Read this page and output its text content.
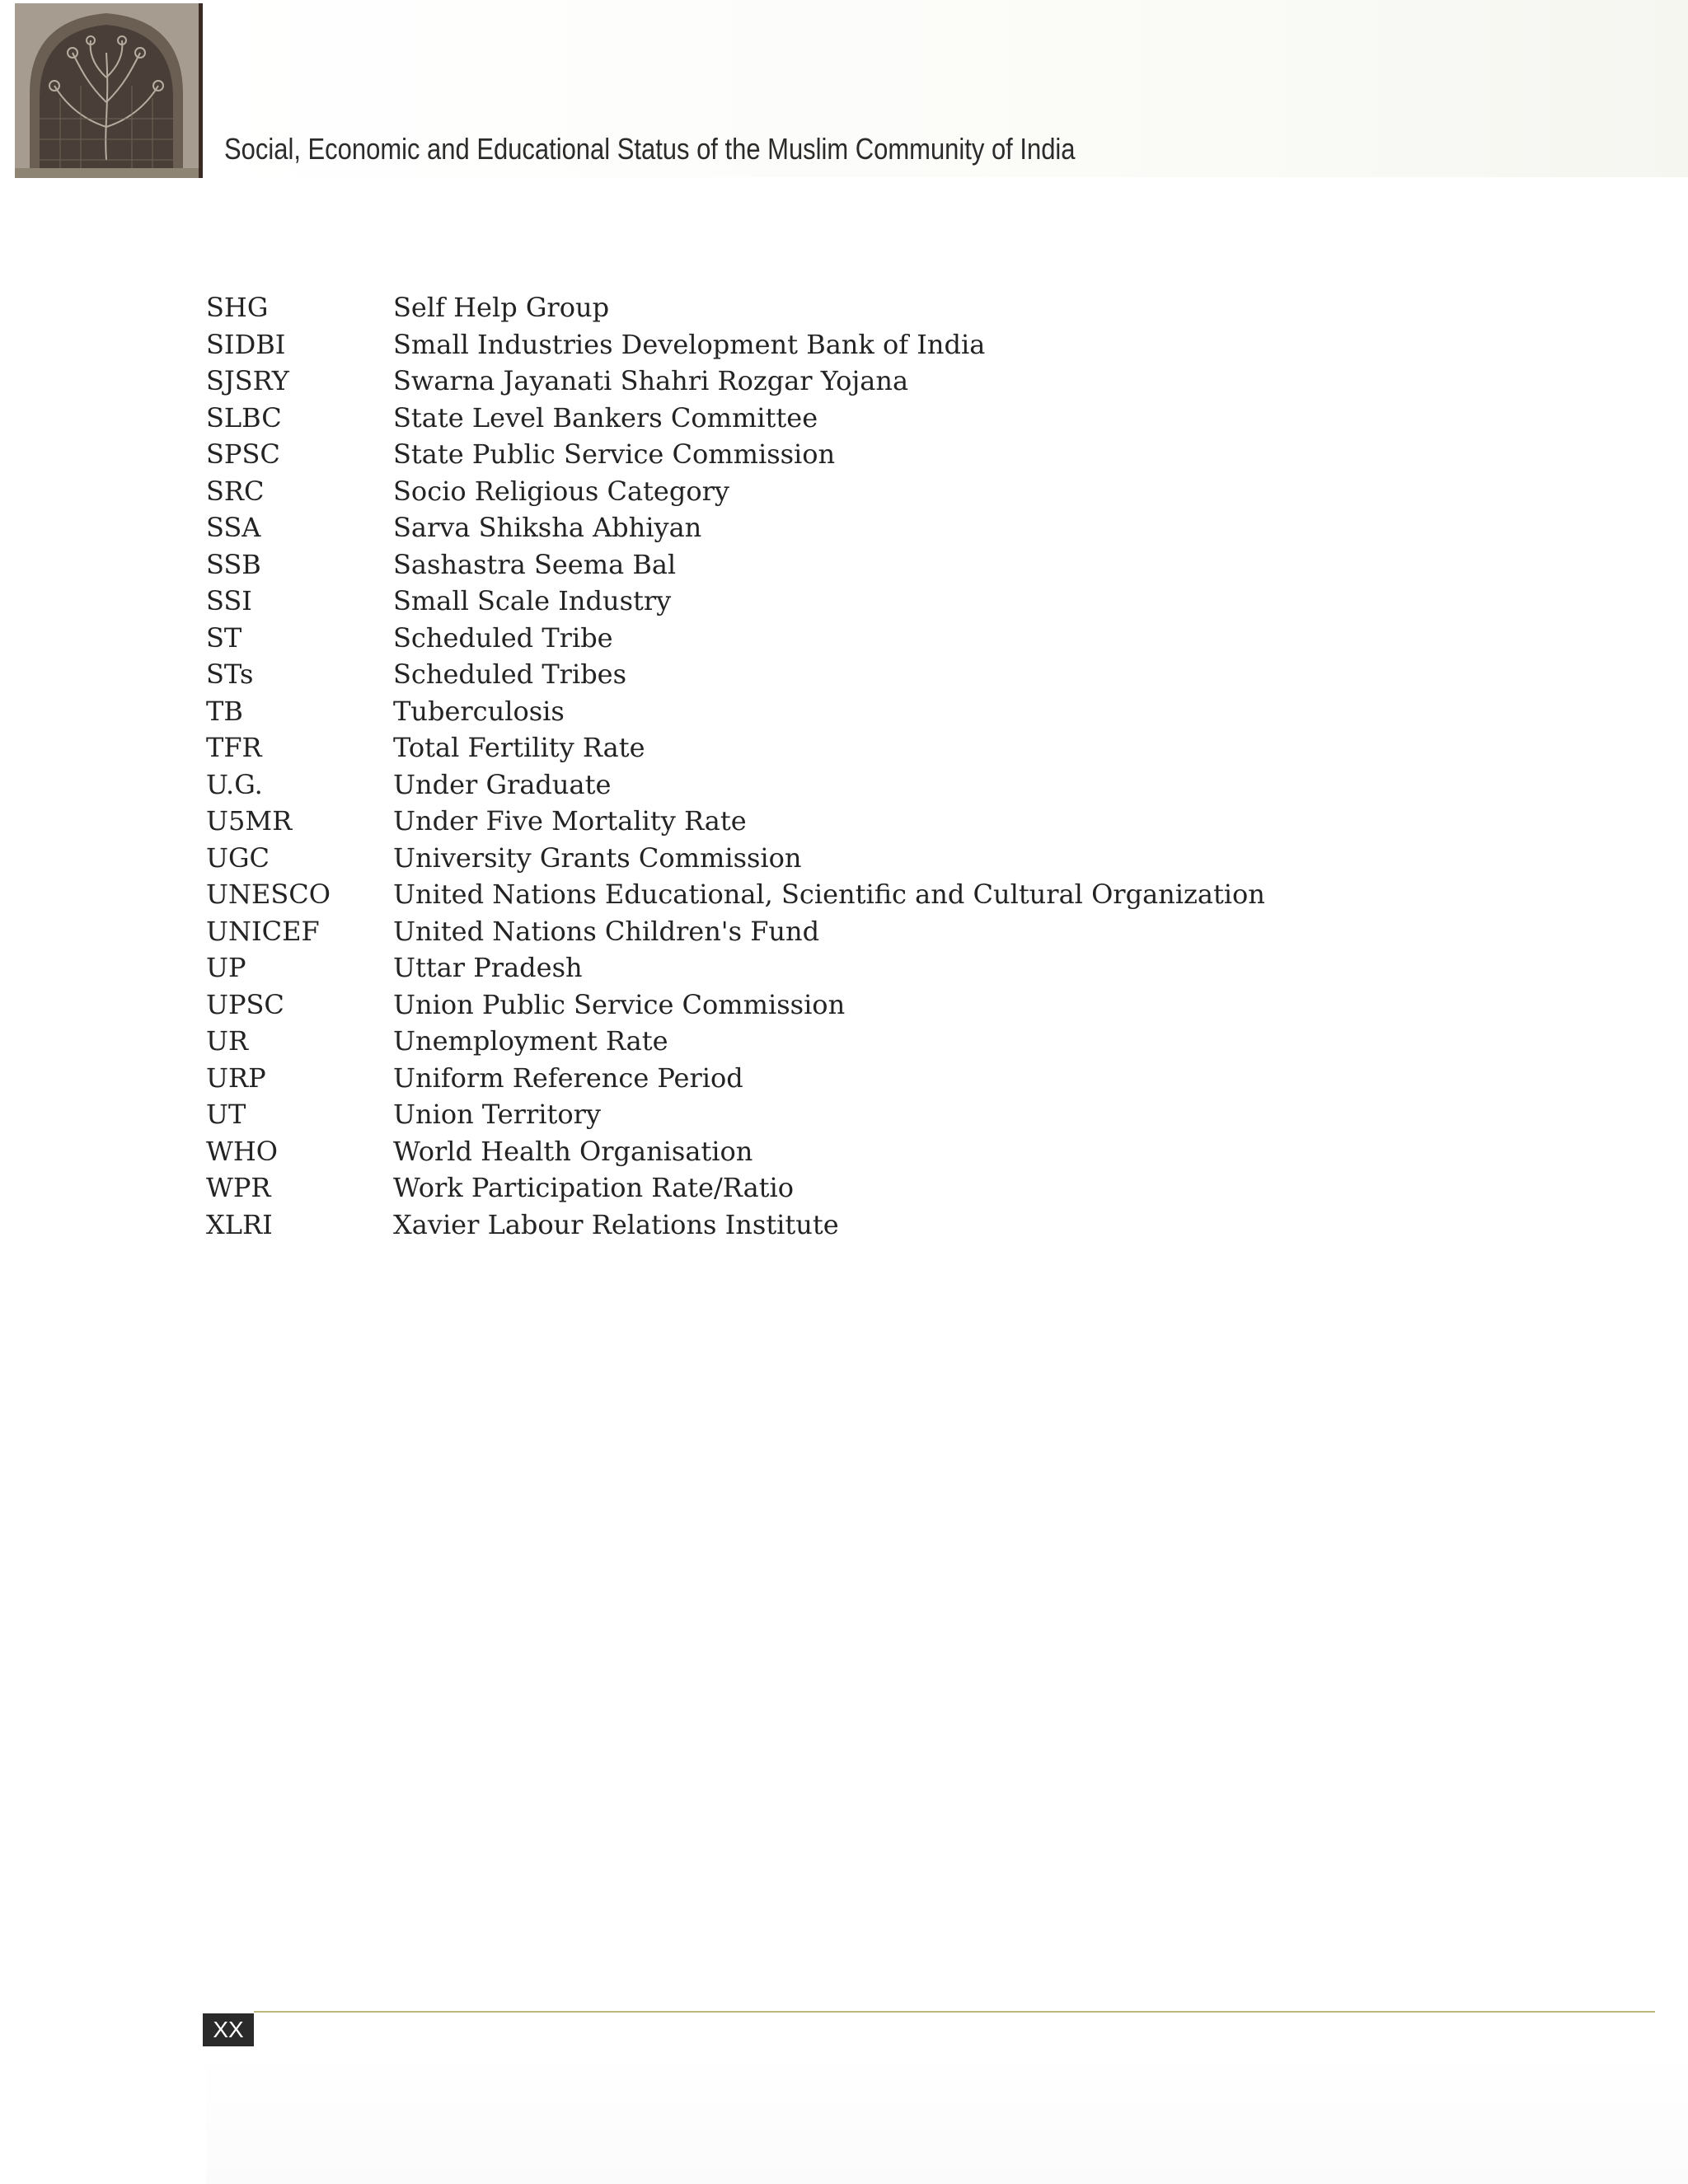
Social, Economic and Educational Status of the Muslim Community of India
SHG	Self Help Group
SIDBI	Small Industries Development Bank of India
SJSRY	Swarna Jayanati Shahri Rozgar Yojana
SLBC	State Level Bankers Committee
SPSC	State Public Service Commission
SRC	Socio Religious Category
SSA	Sarva Shiksha Abhiyan
SSB	Sashastra Seema Bal
SSI	Small Scale Industry
ST	Scheduled Tribe
STs	Scheduled Tribes
TB	Tuberculosis
TFR	Total Fertility Rate
U.G.	Under Graduate
U5MR	Under Five Mortality Rate
UGC	University Grants Commission
UNESCO	United Nations Educational, Scientific and Cultural Organization
UNICEF	United Nations Children's Fund
UP	Uttar Pradesh
UPSC	Union Public Service Commission
UR	Unemployment Rate
URP	Uniform Reference Period
UT	Union Territory
WHO	World Health Organisation
WPR	Work Participation Rate/Ratio
XLRI	Xavier Labour Relations Institute
XX
